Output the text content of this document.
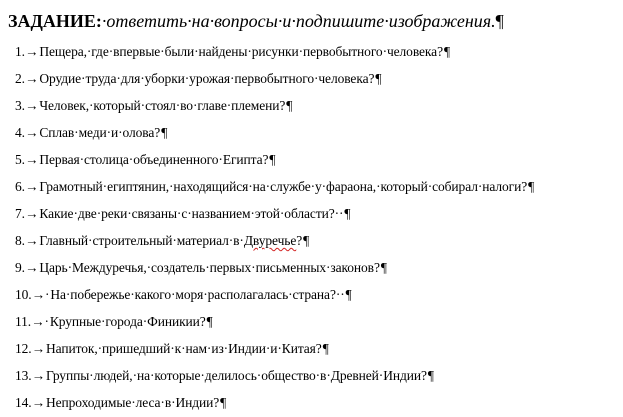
ЗАДАНИЕ:·ответить·на·вопросы·и·подпишите·изображения.¶
1.→Пещера,·где·впервые·были·найдены·рисунки·первобытного·человека?¶
2.→Орудие·труда·для·уборки·урожая·первобытного·человека?¶
3.→Человек,·который·стоял·во·главе·племени?¶
4.→Сплав·меди·и·олова?¶
5.→Первая·столица·объединенного·Египта?¶
6.→Грамотный·египтянин,·находящийся·на·службе·у·фараона,·который·собирал·налоги?¶
7.→Какие·две·реки·связаны·с·названием·этой·области?··¶
8.→Главный·строительный·материал·в·Двуречье?¶
9.→Царь·Междуречья,·создатель·первых·письменных·законов?¶
10.→·На·побережье·какого·моря·располагалась·страна?··¶
11.→·Крупные·города·Финикии?¶
12.→Напиток,·пришедший·к·нам·из·Индии·и·Китая?¶
13.→Группы·людей,·на·которые·делилось·общество·в·Древней·Индии?¶
14.→Непроходимые·леса·в·Индии?¶
